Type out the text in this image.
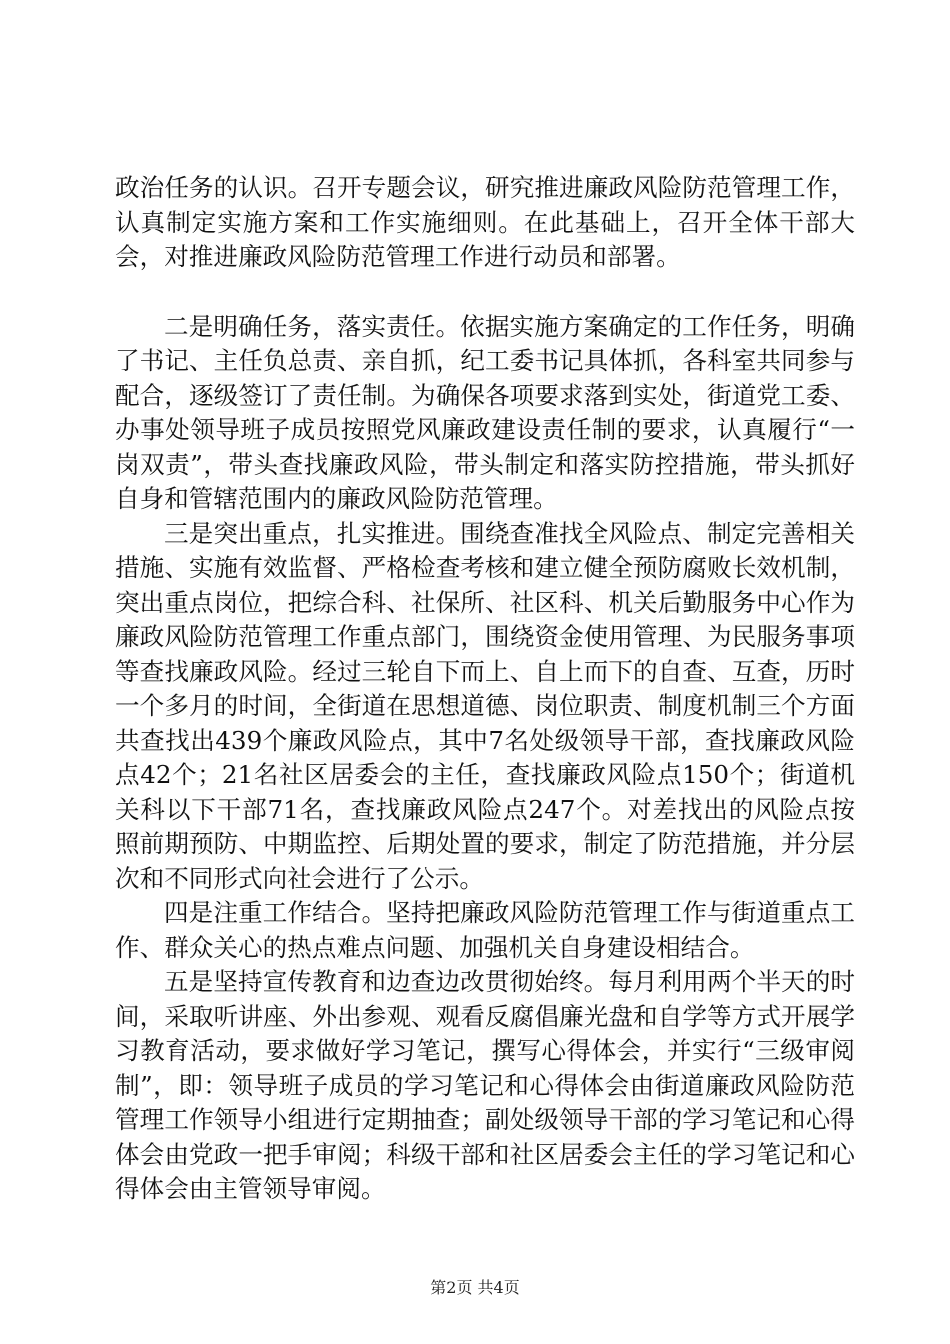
政治任务的认识。召开专题会议，研究推进廉政风险防范管理工作，认真制定实施方案和工作实施细则。在此基础上，召开全体干部大会，对推进廉政风险防范管理工作进行动员和部署。

二是明确任务，落实责任。依据实施方案确定的工作任务，明确了书记、主任负总责、亲自抓，纪工委书记具体抓，各科室共同参与配合，逐级签订了责任制。为确保各项要求落到实处，街道党工委、办事处领导班子成员按照党风廉政建设责任制的要求，认真履行“一岗双责”，带头查找廉政风险，带头制定和落实防控措施，带头抓好自身和管辖范围内的廉政风险防范管理。

三是突出重点，扎实推进。围绕查准找全风险点、制定完善相关措施、实施有效监督、严格检查考核和建立健全预防腐败长效机制，突出重点岗位，把综合科、社保所、社区科、机关后勤服务中心作为廉政风险防范管理工作重点部门，围绕资金使用管理、为民服务事项等查找廉政风险。经过三轮自下而上、自上而下的自查、互查，历时一个多月的时间，全街道在思想道德、岗位职责、制度机制三个方面共查找出439个廉政风险点，其中7名处级领导干部，查找廉政风险点42个；21名社区居委会的主任，查找廉政风险点150个；街道机关科以下干部71名，查找廉政风险点247个。对差找出的风险点按照前期预防、中期监控、后期处置的要求，制定了防范措施，并分层次和不同形式向社会进行了公示。

四是注重工作结合。坚持把廉政风险防范管理工作与街道重点工作、群众关心的热点难点问题、加强机关自身建设相结合。

五是坚持宣传教育和边查边改贯彻始终。每月利用两个半天的时间，采取听讲座、外出参观、观看反腐倡廉光盘和自学等方式开展学习教育活动，要求做好学习笔记，撰写心得体会，并实行“三级审阅制”，即：领导班子成员的学习笔记和心得体会由街道廉政风险防范管理工作领导小组进行定期抽查；副处级领导干部的学习笔记和心得体会由党政一把手审阅；科级干部和社区居委会主任的学习笔记和心得体会由主管领导审阅。

第2页 共4页
